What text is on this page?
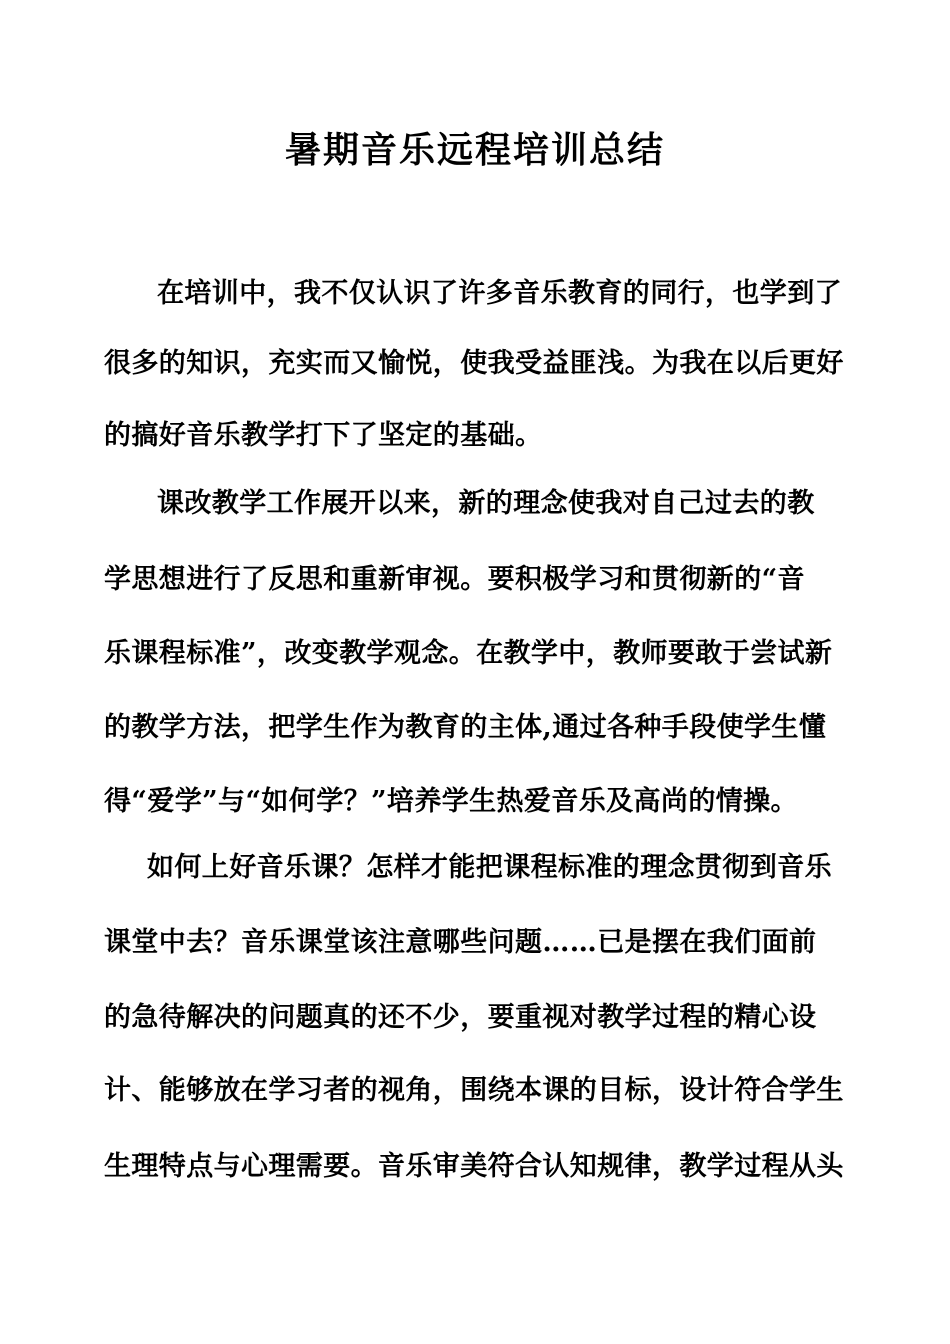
暑期音乐远程培训总结
在培训中，我不仅认识了许多音乐教育的同行，也学到了
很多的知识，充实而又愉悦，使我受益匪浅。为我在以后更好
的搞好音乐教学打下了坚定的基础。
课改教学工作展开以来，新的理念使我对自己过去的教
学思想进行了反思和重新审视。要积极学习和贯彻新的“音
乐课程标准”，改变教学观念。在教学中，教师要敢于尝试新
的教学方法，把学生作为教育的主体,通过各种手段使学生懂
得“爱学”与“如何学？”培养学生热爱音乐及高尚的情操。
如何上好音乐课？怎样才能把课程标准的理念贯彻到音乐
课堂中去？音乐课堂该注意哪些问题……已是摆在我们面前
的急待解决的问题真的还不少，要重视对教学过程的精心设
计、能够放在学习者的视角，围绕本课的目标，设计符合学生
生理特点与心理需要。音乐审美符合认知规律，教学过程从头
